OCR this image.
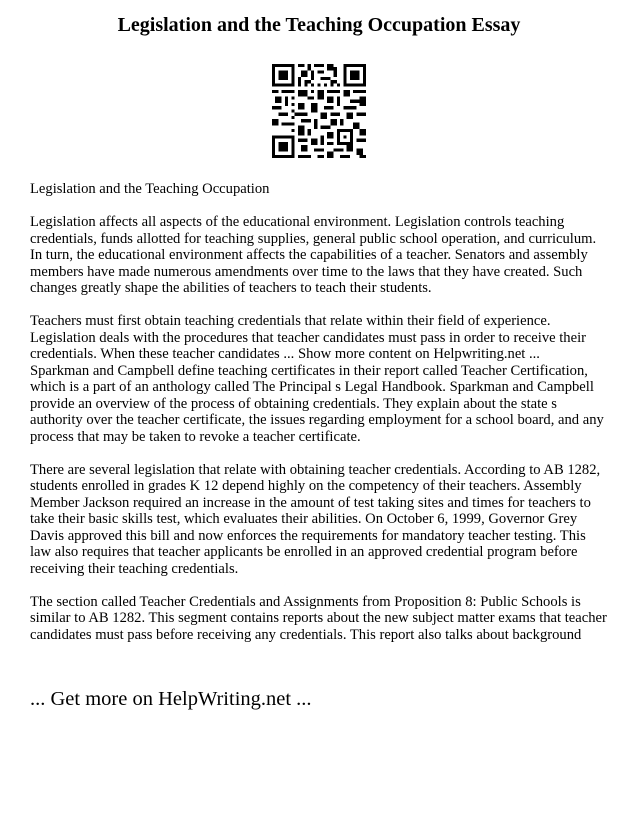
Legislation and the Teaching Occupation Essay

Legislation and the Teaching Occupation

Legislation affects all aspects of the educational environment. Legislation controls teaching credentials, funds allotted for teaching supplies, general public school operation, and curriculum. In turn, the educational environment affects the capabilities of a teacher. Senators and assembly members have made numerous amendments over time to the laws that they have created. Such changes greatly shape the abilities of teachers to teach their students.

Teachers must first obtain teaching credentials that relate within their field of experience. Legislation deals with the procedures that teacher candidates must pass in order to receive their credentials. When these teacher candidates ... Show more content on Helpwriting.net ...

Sparkman and Campbell define teaching certificates in their report called Teacher Certification, which is a part of an anthology called The Principal s Legal Handbook. Sparkman and Campbell provide an overview of the process of obtaining credentials. They explain about the state s authority over the teacher certificate, the issues regarding employment for a school board, and any process that may be taken to revoke a teacher certificate.

There are several legislation that relate with obtaining teacher credentials. According to AB 1282, students enrolled in grades K 12 depend highly on the competency of their teachers. Assembly Member Jackson required an increase in the amount of test taking sites and times for teachers to take their basic skills test, which evaluates their abilities. On October 6, 1999, Governor Grey Davis approved this bill and now enforces the requirements for mandatory teacher testing. This law also requires that teacher applicants be enrolled in an approved credential program before receiving their teaching credentials.

The section called Teacher Credentials and Assignments from Proposition 8: Public Schools is similar to AB 1282. This segment contains reports about the new subject matter exams that teacher candidates must pass before receiving any credentials. This report also talks about background

... Get more on HelpWriting.net ...
